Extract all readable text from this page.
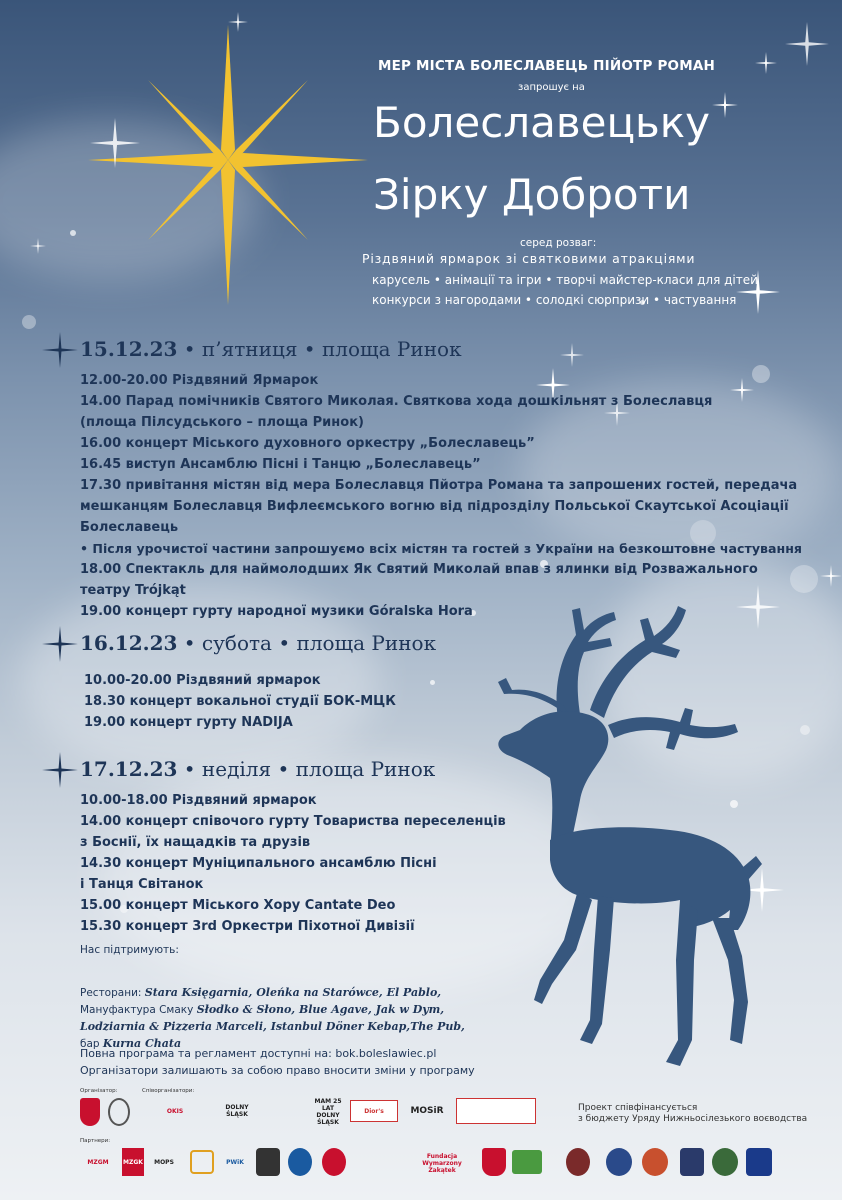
МЕР МІСТА БОЛЕСЛАВЕЦЬ ПІЙОТР РОМАН
запрошує на
Болеславецьку
Зірку Доброти
серед розваг:
Різдвяний ярмарок зі святковими атракціями
карусель • анімації та ігри • творчі майстер-класи для дітей
конкурси з нагородами • солодкі сюрпризи • частування
15.12.23 • п’ятниця • площа Ринок
12.00-20.00 Різдвяний Ярмарок
14.00 Парад помічників Святого Миколая. Святкова хода дошкільнят з Болеславця
(площа Пілсудського – площа Ринок)
16.00 концерт Міського духовного оркестру „Болеславець”
16.45 виступ Ансамблю Пісні і Танцю „Болеславець”
17.30 привітання містян від мера Болеславця Пйотра Романа та запрошених гостей, передача
мешканцям Болеславця Вифлеємського вогню від підрозділу Польської Скаутської Асоціації
Болеславець
• Після урочистої частини запрошуємо всіх містян та гостей з України на безкоштовне частування
18.00 Спектакль для наймолодших Як Святий Миколай впав з ялинки від Розважального
театру Trójkąt
19.00 концерт гурту народної музики Góralska Hora
16.12.23 • субота • площа Ринок
10.00-20.00 Різдвяний ярмарок
18.30 концерт вокальної студії БОК-МЦК
19.00 концерт гурту NADIJA
17.12.23 • неділя • площа Ринок
10.00-18.00 Різдвяний ярмарок
14.00 концерт співочого гурту Товариства переселенців
з Боснії, їх нащадків та друзів
14.30 концерт Муніципального ансамблю Пісні
і Танця Світанок
15.00 концерт Міського Хору Cantate Deo
15.30 концерт 3rd Оркестри Піхотної Дивізії
Нас підтримують:
Ресторани: Stara Księgarnia, Oleńka na Starówce, El Pablo,
Мануфактура Смаку Słodko & Słono, Blue Agave, Jak w Dym,
Lodziarnia & Pizzeria Marceli, Istanbul Döner Kebap,The Pub,
бар Kurna Chata
Повна програма та регламент доступні на: bok.boleslawiec.pl
Організатори залишають за собою право вносити зміни у програму
Організатор:	Співорганізатори:
Партнери:
OKIS	DOLNY ŚLĄSK
MAM 25 LAT DOLNY ŚLĄSK
Dior's	MOSiR	Проект співфінансується
з бюджету Уряду Нижньосілезького воєводства
MZGM	MZGK	MOPS	PWiK
Fundacja Wymarzony Zakątek
